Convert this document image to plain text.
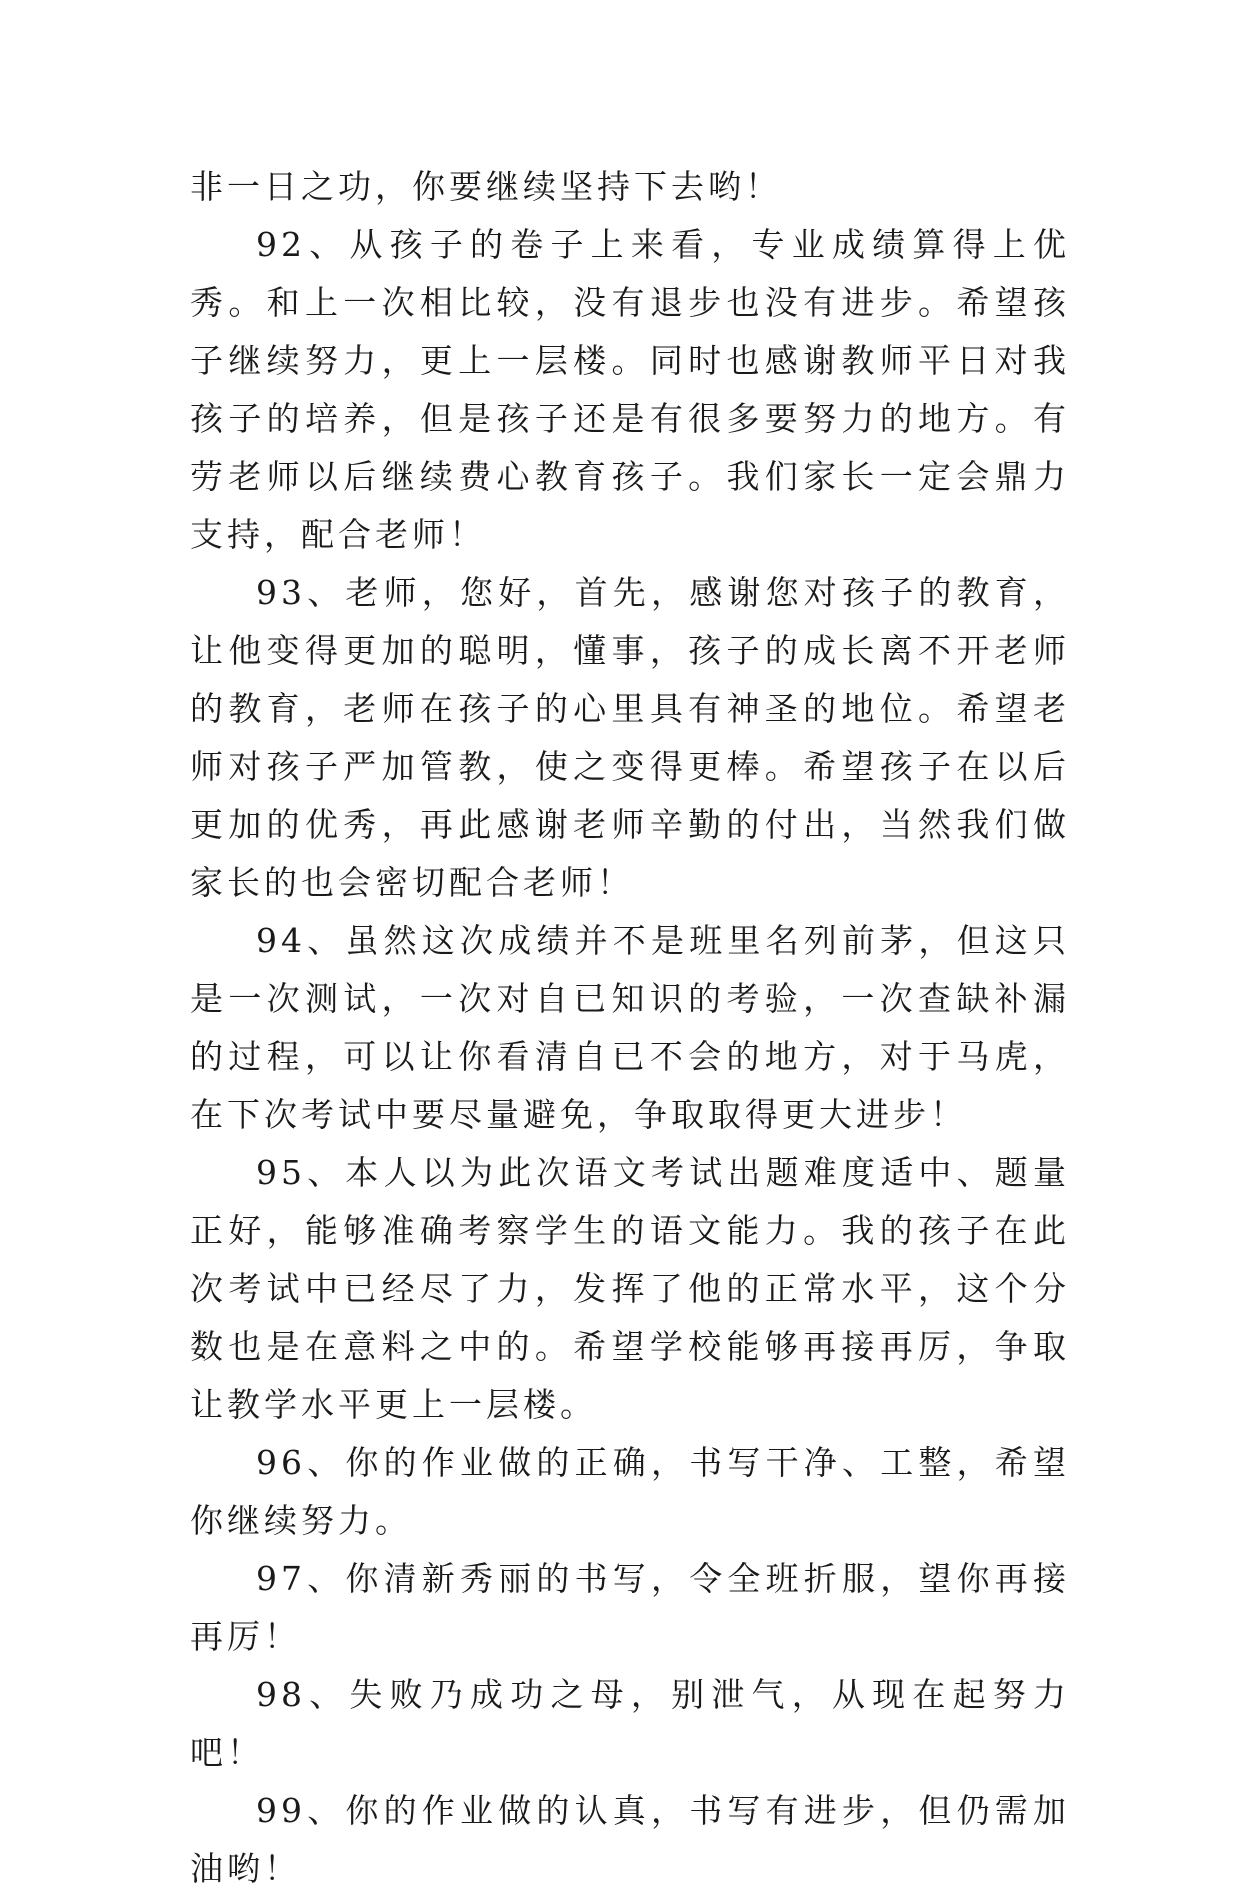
非一日之功，你要继续坚持下去哟！

92、从孩子的卷子上来看，专业成绩算得上优秀。和上一次相比较，没有退步也没有进步。希望孩子继续努力，更上一层楼。同时也感谢教师平日对我孩子的培养，但是孩子还是有很多要努力的地方。有劳老师以后继续费心教育孩子。我们家长一定会鼎力支持，配合老师！

93、老师，您好，首先，感谢您对孩子的教育，让他变得更加的聪明，懂事，孩子的成长离不开老师的教育，老师在孩子的心里具有神圣的地位。希望老师对孩子严加管教，使之变得更棒。希望孩子在以后更加的优秀，再此感谢老师辛勤的付出，当然我们做家长的也会密切配合老师！

94、虽然这次成绩并不是班里名列前茅，但这只是一次测试，一次对自已知识的考验，一次查缺补漏的过程，可以让你看清自已不会的地方，对于马虎，在下次考试中要尽量避免，争取取得更大进步！

95、本人以为此次语文考试出题难度适中、题量正好，能够准确考察学生的语文能力。我的孩子在此次考试中已经尽了力，发挥了他的正常水平，这个分数也是在意料之中的。希望学校能够再接再厉，争取让教学水平更上一层楼。

96、你的作业做的正确，书写干净、工整，希望你继续努力。

97、你清新秀丽的书写，令全班折服，望你再接再厉！

98、失败乃成功之母，别泄气，从现在起努力吧！

99、你的作业做的认真，书写有进步，但仍需加油哟！
